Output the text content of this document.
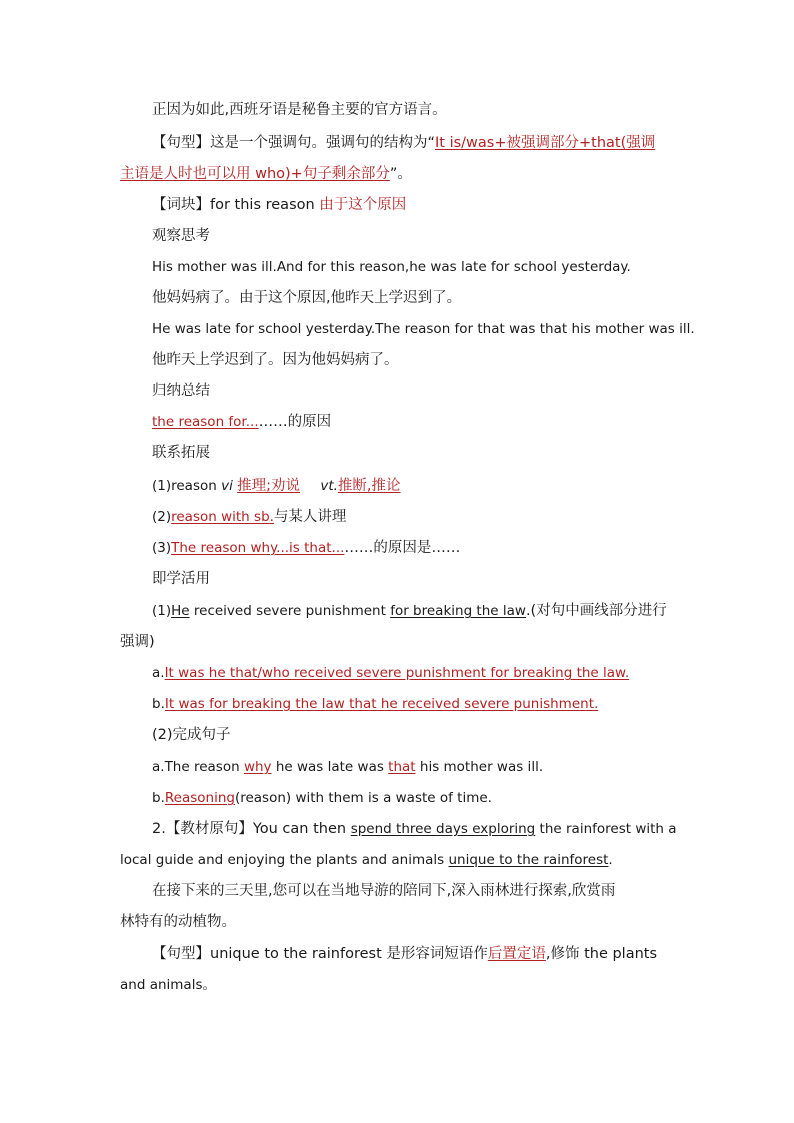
正因为如此,西班牙语是秘鲁主要的官方语言。
【句型】这是一个强调句。强调句的结构为“It is/was+被强调部分+that(强调
主语是人时也可以用 who)+句子剩余部分”。
【词块】for this reason 由于这个原因
观察思考
His mother was ill.And for this reason,he was late for school yesterday.
他妈妈病了。由于这个原因,他昨天上学迟到了。
He was late for school yesterday.The reason for that was that his mother was ill.
他昨天上学迟到了。因为他妈妈病了。
归纳总结
the reason for...……的原因
联系拓展
(1)reason vi 推理;劝说 vt.推断,推论
(2)reason with sb.与某人讲理
(3)The reason why...is that...……的原因是……
即学活用
(1)He received severe punishment for breaking the law.(对句中画线部分进行
强调)
a.It was he that/who received severe punishment for breaking the law.
b.It was for breaking the law that he received severe punishment.
(2)完成句子
a.The reason why he was late was that his mother was ill.
b.Reasoning(reason) with them is a waste of time.
2.【教材原句】You can then spend three days exploring the rainforest with a
local guide and enjoying the plants and animals unique to the rainforest.
在接下来的三天里,您可以在当地导游的陪同下,深入雨林进行探索,欣赏雨
林特有的动植物。
【句型】unique to the rainforest 是形容词短语作后置定语,修饰 the plants
and animals。
